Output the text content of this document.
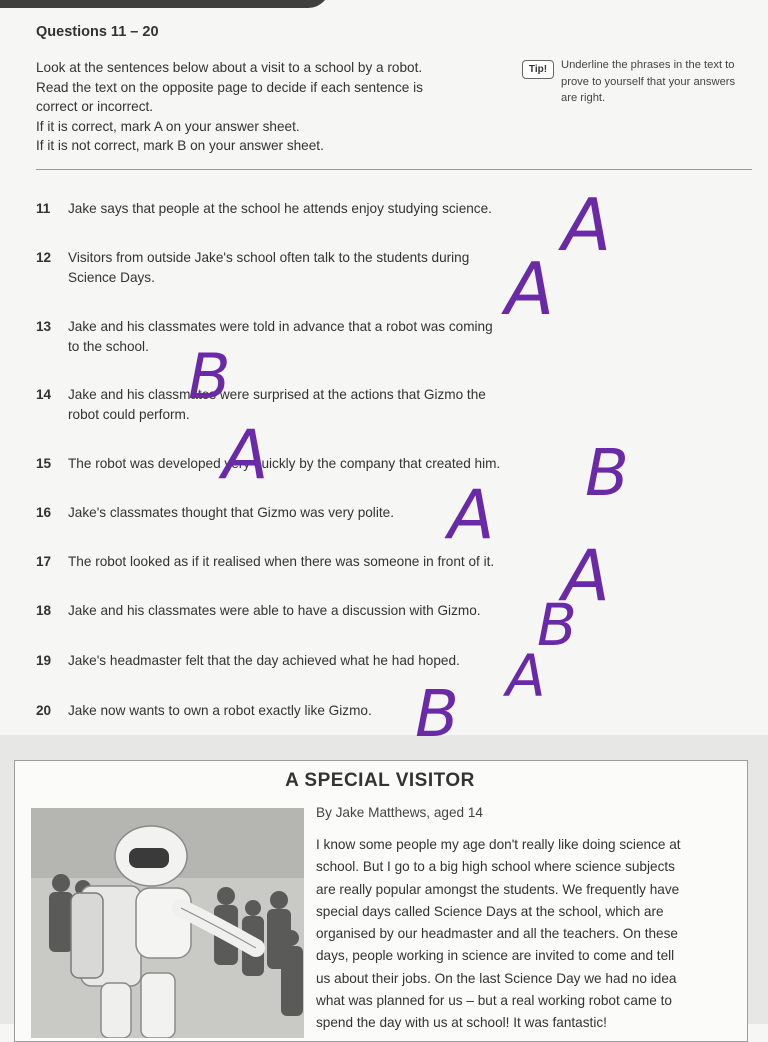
Questions 11 – 20
Look at the sentences below about a visit to a school by a robot.
Read the text on the opposite page to decide if each sentence is
correct or incorrect.
If it is correct, mark A on your answer sheet.
If it is not correct, mark B on your answer sheet.
Tip!	Underline the phrases in the text to
prove to yourself that your answers
are right.
11	Jake says that people at the school he attends enjoy studying science.
12	Visitors from outside Jake's school often talk to the students during
Science Days.
13	Jake and his classmates were told in advance that a robot was coming
to the school.
14	Jake and his classmates were surprised at the actions that Gizmo the
robot could perform.
15	The robot was developed very quickly by the company that created him.
16	Jake's classmates thought that Gizmo was very polite.
17	The robot looked as if it realised when there was someone in front of it.
18	Jake and his classmates were able to have a discussion with Gizmo.
19	Jake's headmaster felt that the day achieved what he had hoped.
20	Jake now wants to own a robot exactly like Gizmo.
A SPECIAL VISITOR
By Jake Matthews, aged 14
I know some people my age don't really like doing science at
school. But I go to a big high school where science subjects
are really popular amongst the students. We frequently have
special days called Science Days at the school, which are
organised by our headmaster and all the teachers. On these
days, people working in science are invited to come and tell
us about their jobs. On the last Science Day we had no idea
what was planned for us – but a real working robot came to
spend the day with us at school! It was fantastic!
A
A
B
A	B
A
A
B
A
B
